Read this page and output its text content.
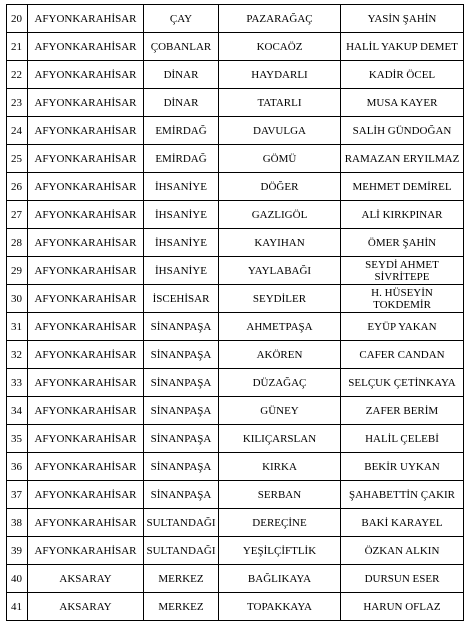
20	AFYONKARAHİSAR	ÇAY	PAZARAĞAÇ	YASİN ŞAHİN
21	AFYONKARAHİSAR	ÇOBANLAR	KOCAÖZ	HALİL YAKUP DEMET
22	AFYONKARAHİSAR	DİNAR	HAYDARLI	KADİR ÖCEL
23	AFYONKARAHİSAR	DİNAR	TATARLI	MUSA KAYER
24	AFYONKARAHİSAR	EMİRDAĞ	DAVULGA	SALİH GÜNDOĞAN
25	AFYONKARAHİSAR	EMİRDAĞ	GÖMÜ	RAMAZAN ERYILMAZ
26	AFYONKARAHİSAR	İHSANİYE	DÖĞER	MEHMET DEMİREL
27	AFYONKARAHİSAR	İHSANİYE	GAZLIGÖL	ALİ KIRKPINAR
28	AFYONKARAHİSAR	İHSANİYE	KAYIHAN	ÖMER ŞAHİN
29	AFYONKARAHİSAR	İHSANİYE	YAYLABAĞI	SEYDİ AHMET SİVRİTEPE
30	AFYONKARAHİSAR	İSCEHİSAR	SEYDİLER	H. HÜSEYİN TOKDEMİR
31	AFYONKARAHİSAR	SİNANPAŞA	AHMETPAŞA	EYÜP YAKAN
32	AFYONKARAHİSAR	SİNANPAŞA	AKÖREN	CAFER CANDAN
33	AFYONKARAHİSAR	SİNANPAŞA	DÜZAĞAÇ	SELÇUK ÇETİNKAYA
34	AFYONKARAHİSAR	SİNANPAŞA	GÜNEY	ZAFER BERİM
35	AFYONKARAHİSAR	SİNANPAŞA	KILIÇARSLAN	HALİL ÇELEBİ
36	AFYONKARAHİSAR	SİNANPAŞA	KIRKA	BEKİR UYKAN
37	AFYONKARAHİSAR	SİNANPAŞA	SERBAN	ŞAHABETTİN ÇAKIR
38	AFYONKARAHİSAR	SULTANDAĞI	DEREÇİNE	BAKİ KARAYEL
39	AFYONKARAHİSAR	SULTANDAĞI	YEŞİLÇİFTLİK	ÖZKAN ALKIN
40	AKSARAY	MERKEZ	BAĞLIKAYA	DURSUN ESER
41	AKSARAY	MERKEZ	TOPAKKAYA	HARUN OFLAZ
